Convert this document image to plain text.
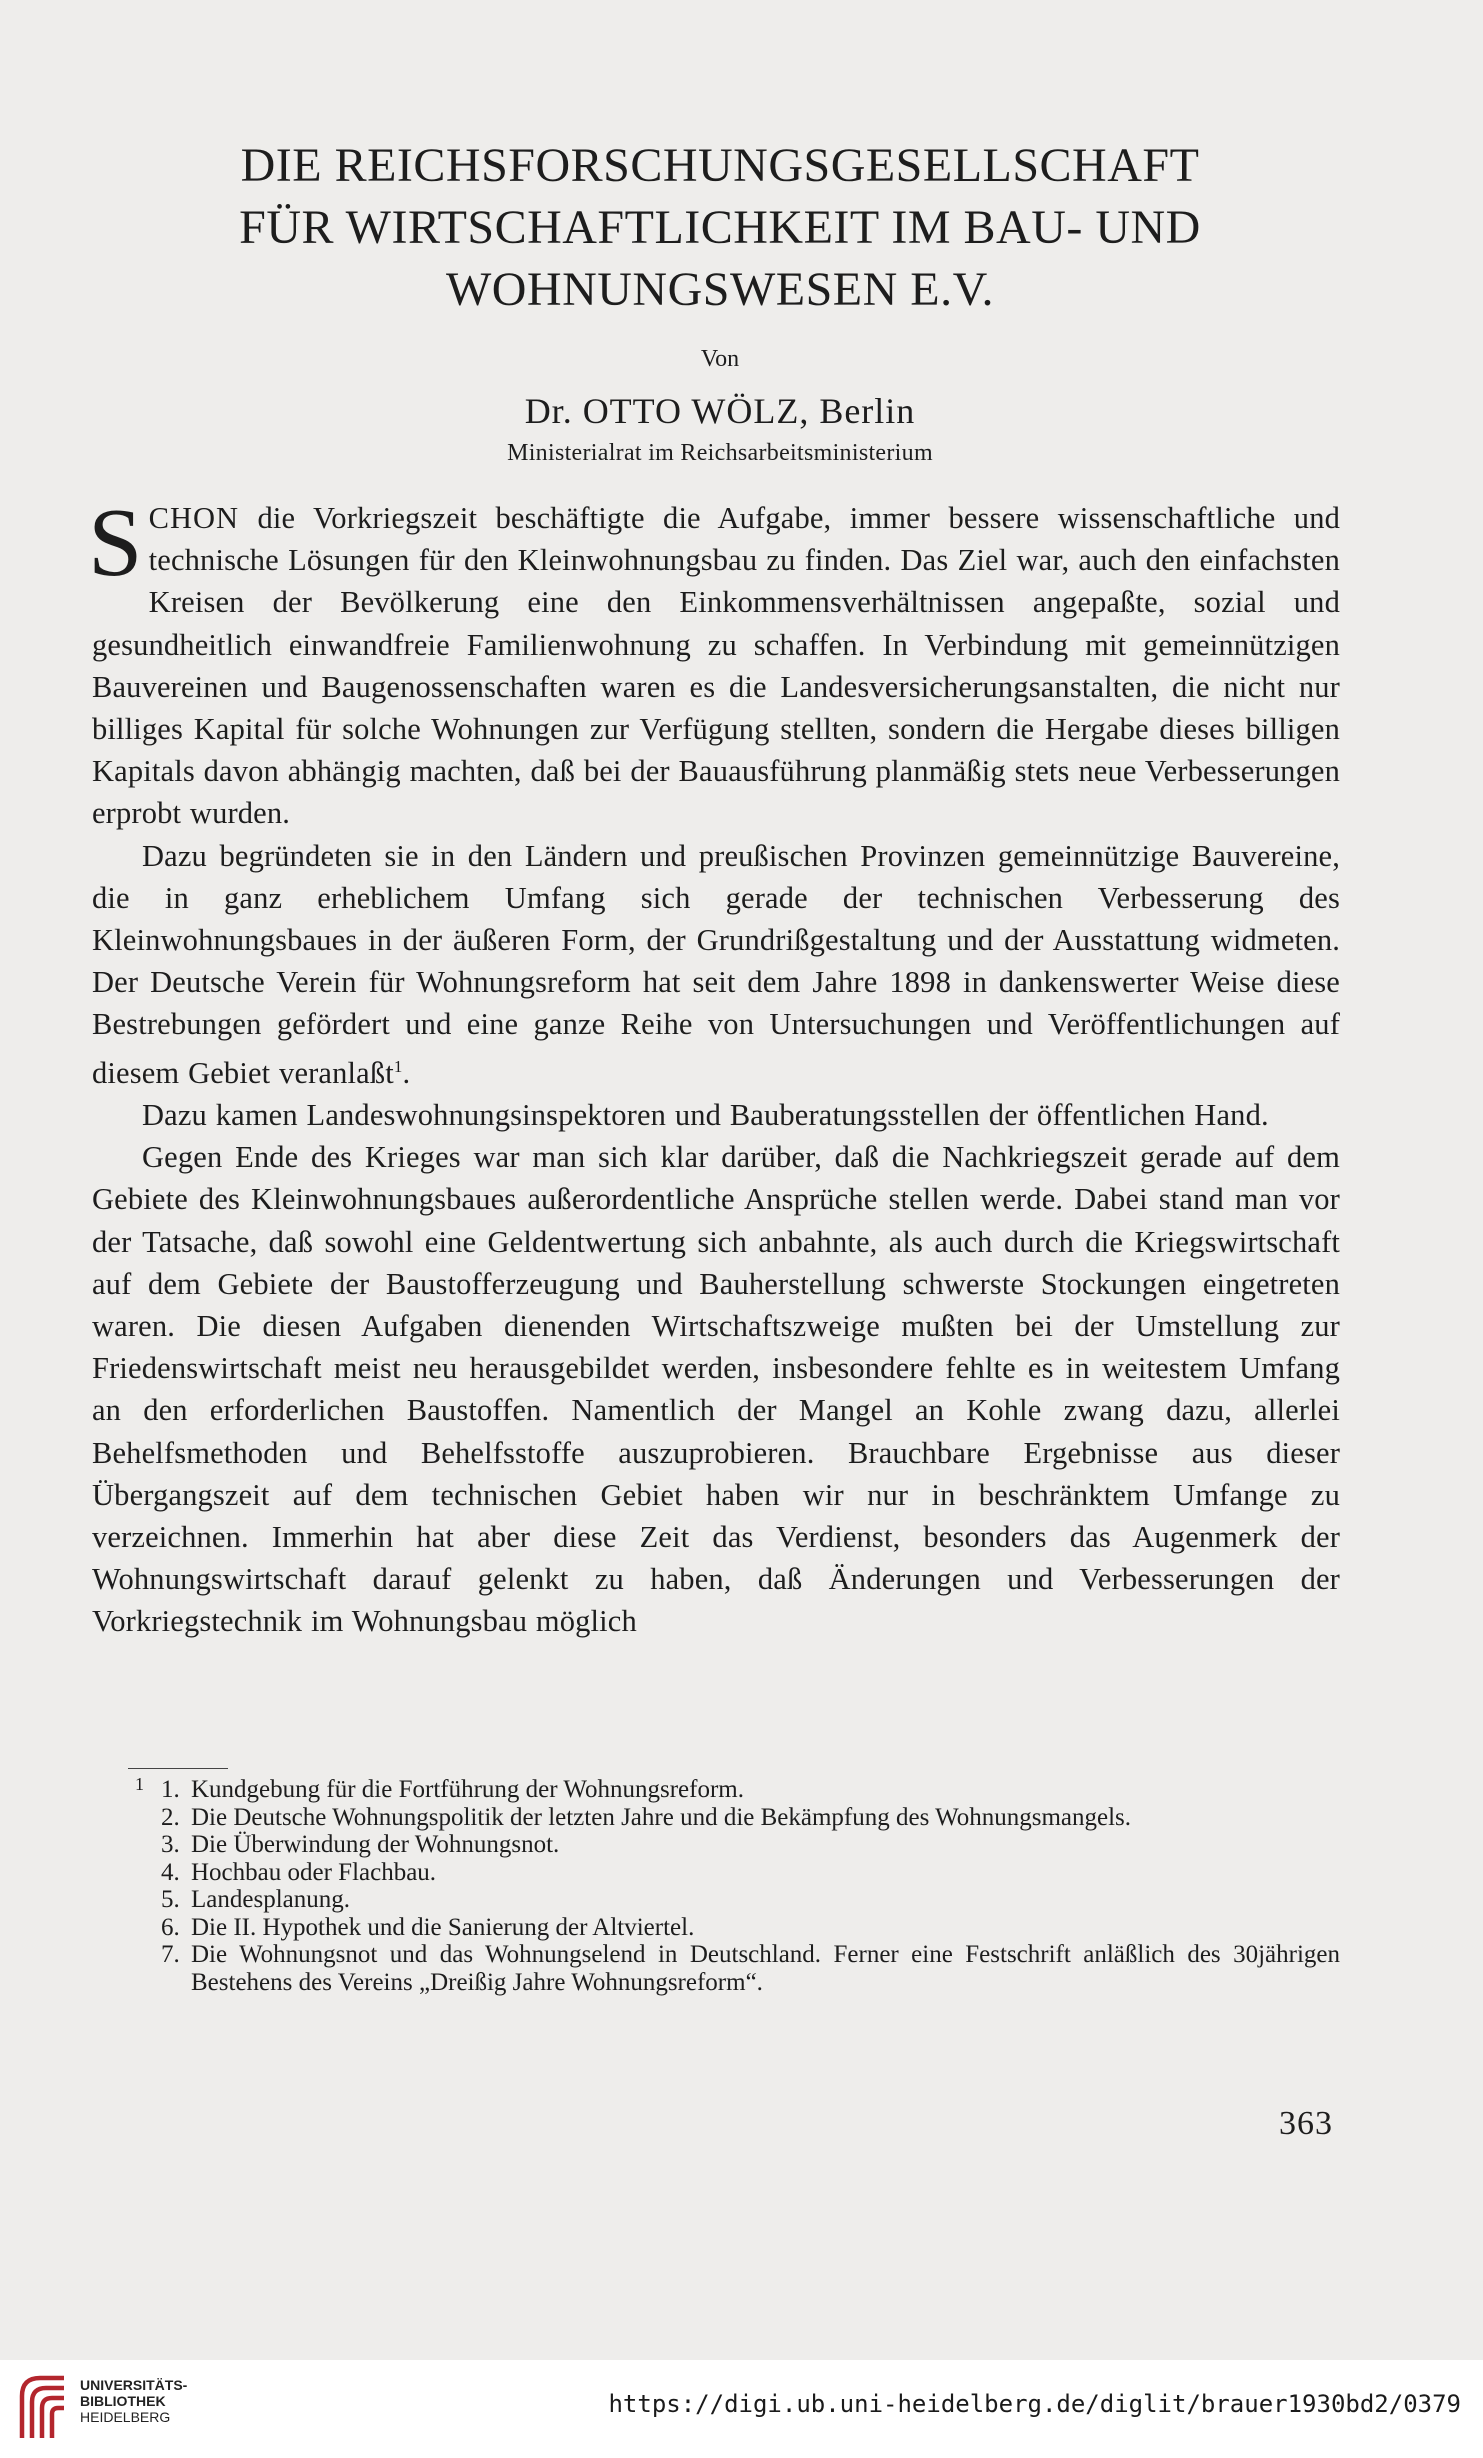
DIE REICHSFORSCHUNGSGESELLSCHAFT
FÜR WIRTSCHAFTLICHKEIT IM BAU- UND
WOHNUNGSWESEN E.V.
Von
Dr. OTTO WÖLZ, Berlin
Ministerialrat im Reichsarbeitsministerium

SCHON die Vorkriegszeit beschäftigte die Aufgabe, immer bessere wissenschaftliche und technische Lösungen für den Kleinwohnungsbau zu finden. Das Ziel war, auch den einfachsten Kreisen der Bevölkerung eine den Einkommensverhältnissen angepaßte, sozial und gesundheitlich einwandfreie Familienwohnung zu schaffen. In Verbindung mit gemeinnützigen Bauvereinen und Baugenossenschaften waren es die Landesversicherungsanstalten, die nicht nur billiges Kapital für solche Wohnungen zur Verfügung stellten, sondern die Hergabe dieses billigen Kapitals davon abhängig machten, daß bei der Bauausführung planmäßig stets neue Verbesserungen erprobt wurden.

Dazu begründeten sie in den Ländern und preußischen Provinzen gemeinnützige Bauvereine, die in ganz erheblichem Umfang sich gerade der technischen Verbesserung des Kleinwohnungsbaues in der äußeren Form, der Grundrißgestaltung und der Ausstattung widmeten. Der Deutsche Verein für Wohnungsreform hat seit dem Jahre 1898 in dankenswerter Weise diese Bestrebungen gefördert und eine ganze Reihe von Untersuchungen und Veröffentlichungen auf diesem Gebiet veranlaßt$^1$.

Dazu kamen Landeswohnungsinspektoren und Bauberatungsstellen der öffentlichen Hand.

Gegen Ende des Krieges war man sich klar darüber, daß die Nachkriegszeit gerade auf dem Gebiete des Kleinwohnungsbaues außerordentliche Ansprüche stellen werde. Dabei stand man vor der Tatsache, daß sowohl eine Geldentwertung sich anbahnte, als auch durch die Kriegswirtschaft auf dem Gebiete der Baustofferzeugung und Bauherstellung schwerste Stockungen eingetreten waren. Die diesen Aufgaben dienenden Wirtschaftszweige mußten bei der Umstellung zur Friedenswirtschaft meist neu herausgebildet werden, insbesondere fehlte es in weitestem Umfang an den erforderlichen Baustoffen. Namentlich der Mangel an Kohle zwang dazu, allerlei Behelfsmethoden und Behelfsstoffe auszuprobieren. Brauchbare Ergebnisse aus dieser Übergangszeit auf dem technischen Gebiet haben wir nur in beschränktem Umfange zu verzeichnen. Immerhin hat aber diese Zeit das Verdienst, besonders das Augenmerk der Wohnungswirtschaft darauf gelenkt zu haben, daß Änderungen und Verbesserungen der Vorkriegstechnik im Wohnungsbau möglich

1 1. Kundgebung für die Fortführung der Wohnungsreform.
2. Die Deutsche Wohnungspolitik der letzten Jahre und die Bekämpfung des Wohnungsmangels.
3. Die Überwindung der Wohnungsnot.
4. Hochbau oder Flachbau.
5. Landesplanung.
6. Die II. Hypothek und die Sanierung der Altviertel.
7. Die Wohnungsnot und das Wohnungselend in Deutschland. Ferner eine Festschrift anläßlich des 30jährigen Bestehens des Vereins „Dreißig Jahre Wohnungsreform“.
363
UNIVERSITÄTS-
BIBLIOTHEK
HEIDELBERG	https://digi.ub.uni-heidelberg.de/diglit/brauer1930bd2/0379
